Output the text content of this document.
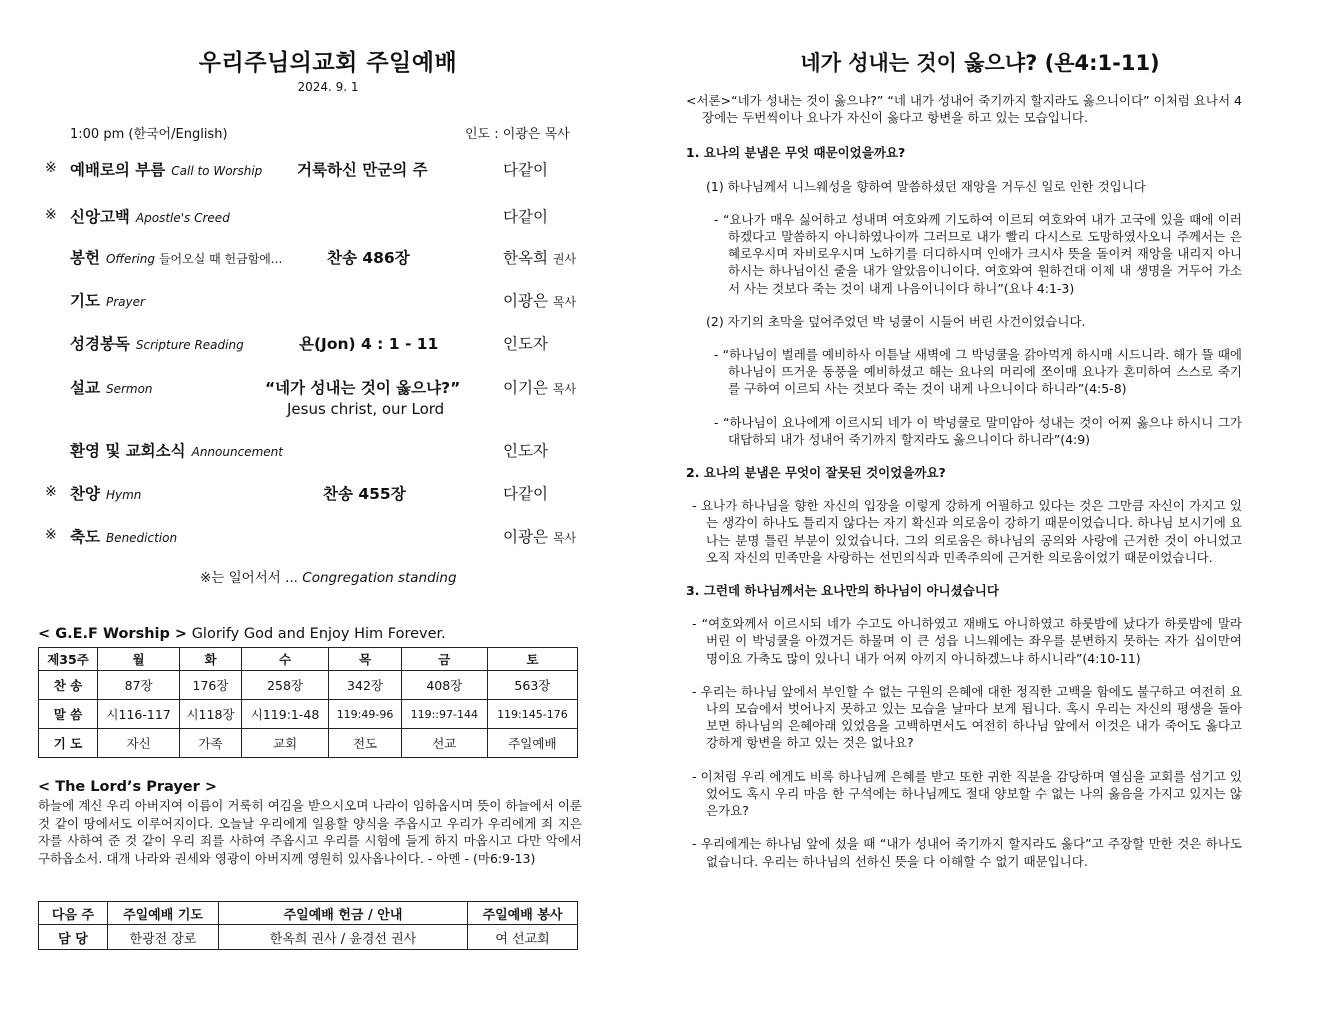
우리주님의교회 주일예배
2024. 9. 1
1:00 pm (한국어/English)	인도 : 이광은 목사
※ 예배로의 부름 Call to Worship 거룩하신 만군의 주	다같이
※ 신앙고백 Apostle's Creed	다같이
봉헌 Offering 들어오실 때 헌금함에...	찬송 486장	한옥희 권사
기도 Prayer	이광은 목사
성경봉독 Scripture Reading	욘(Jon) 4 : 1 - 11	인도자
설교 Sermon	“네가 성내는 것이 옳으냐?”	이기은 목사
Jesus christ, our Lord
환영 및 교회소식 Announcement	인도자
※ 찬양 Hymn	찬송 455장	다같이
※ 축도 Benediction	이광은 목사
※는 일어서서 ... Congregation standing
< G.E.F Worship > Glorify God and Enjoy Him Forever.
제35주	월	화	수	목	금	토
찬 송	87장	176장	258장	342장	408장	563장
말 씀	시116-117	시118장	시119:1-48	119:49-96	119::97-144	119:145-176
기 도	자신	가족	교회	전도	선교	주일예배
< The Lord’s Prayer >
하늘에 계신 우리 아버지여 이름이 거룩히 여김을 받으시오며 나라이 임하옵시며 뜻이 하늘에서 이룬 것 같이 땅에서도 이루어지이다. 오늘날 우리에게 일용할 양식을 주옵시고 우리가 우리에게 죄 지은 자를 사하여 준 것 같이 우리 죄를 사하여 주옵시고 우리를 시험에 들게 하지 마옵시고 다만 악에서 구하옵소서. 대개 나라와 권세와 영광이 아버지께 영원히 있사옵나이다. - 아멘 - (마6:9-13)
다음 주	주일예배 기도	주일예배 헌금 / 안내	주일예배 봉사
담 당	한광전 장로	한옥희 권사 / 윤경선 권사	여 선교회
네가 성내는 것이 옳으냐? (욘4:1-11)

<서론>“네가 성내는 것이 옳으냐?” “네 내가 성내어 죽기까지 할지라도 옳으니이다” 이처럼 요나서 4장에는 두번씩이나 요나가 자신이 옳다고 항변을 하고 있는 모습입니다.

1. 요나의 분냄은 무엇 때문이었을까요?

(1) 하나님께서 니느웨성을 향하여 말씀하셨던 재앙을 거두신 일로 인한 것입니다

- “요나가 매우 싫어하고 성내며 여호와께 기도하여 이르되 여호와여 내가 고국에 있을 때에 이러하겠다고 말씀하지 아니하였나이까 그러므로 내가 빨리 다시스로 도망하였사오니 주께서는 은혜로우시며 자비로우시며 노하기를 더디하시며 인애가 크시사 뜻을 돌이켜 재앙을 내리지 아니하시는 하나님이신 줄을 내가 알았음이니이다. 여호와여 원하건대 이제 내 생명을 거두어 가소서 사는 것보다 죽는 것이 내게 나음이니이다 하니”(요나 4:1-3)

(2) 자기의 초막을 덮어주었던 박 넝쿨이 시들어 버린 사건이었습니다.

- “하나님이 벌레를 예비하사 이튿날 새벽에 그 박넝쿨을 갉아먹게 하시매 시드니라. 해가 뜰 때에 하나님이 뜨거운 동풍을 예비하셨고 해는 요나의 머리에 쪼이매 요나가 혼미하여 스스로 죽기를 구하여 이르되 사는 것보다 죽는 것이 내게 나으니이다 하니라”(4:5-8)

- “하나님이 요나에게 이르시되 네가 이 박넝쿨로 말미암아 성내는 것이 어찌 옳으냐 하시니 그가 대답하되 내가 성내어 죽기까지 할지라도 옳으니이다 하니라”(4:9)

2. 요나의 분냄은 무엇이 잘못된 것이었을까요?

- 요나가 하나님을 향한 자신의 입장을 이렇게 강하게 어필하고 있다는 것은 그만큼 자신이 가지고 있는 생각이 하나도 틀리지 않다는 자기 확신과 의로움이 강하기 때문이었습니다. 하나님 보시기에 요나는 분명 틀린 부분이 있었습니다. 그의 의로움은 하나님의 공의와 사랑에 근거한 것이 아니었고 오직 자신의 민족만을 사랑하는 선민의식과 민족주의에 근거한 의로움이었기 때문이었습니다.

3. 그런데 하나님께서는 요나만의 하나님이 아니셨습니다

- “여호와께서 이르시되 네가 수고도 아니하였고 재배도 아니하였고 하룻밤에 났다가 하룻밤에 말라 버린 이 박넝쿨을 아꼈거든 하물며 이 큰 성읍 니느웨에는 좌우를 분변하지 못하는 자가 십이만여 명이요 가축도 많이 있나니 내가 어찌 아끼지 아니하겠느냐 하시니라”(4:10-11)

- 우리는 하나님 앞에서 부인할 수 없는 구원의 은혜에 대한 정직한 고백을 함에도 불구하고 여전히 요나의 모습에서 벗어나지 못하고 있는 모습을 날마다 보게 됩니다. 혹시 우리는 자신의 평생을 돌아보면 하나님의 은혜아래 있었음을 고백하면서도 여전히 하나님 앞에서 이것은 내가 죽어도 옳다고 강하게 항변을 하고 있는 것은 없나요?

- 이처럼 우리 에게도 비록 하나님께 은혜를 받고 또한 귀한 직분을 감당하며 열심을 교회를 섬기고 있었어도 혹시 우리 마음 한 구석에는 하나님께도 절대 양보할 수 없는 나의 옳음을 가지고 있지는 않은가요?

- 우리에게는 하나님 앞에 섰을 때 “내가 성내어 죽기까지 할지라도 옳다”고 주장할 만한 것은 하나도 없습니다. 우리는 하나님의 선하신 뜻을 다 이해할 수 없기 때문입니다.
